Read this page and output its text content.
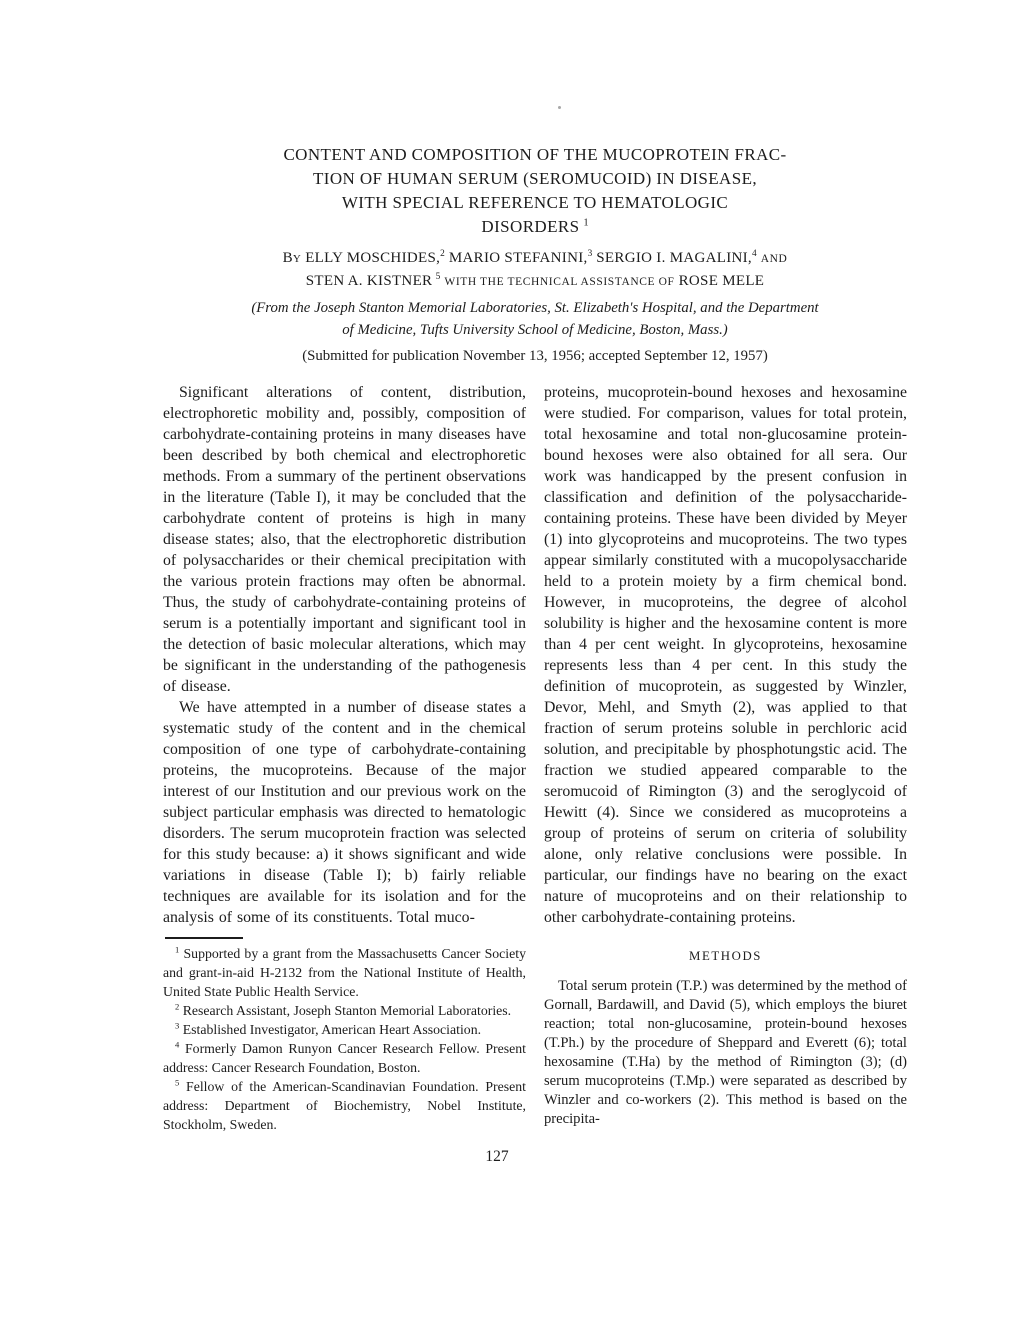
CONTENT AND COMPOSITION OF THE MUCOPROTEIN FRAC-
TION OF HUMAN SERUM (SEROMUCOID) IN DISEASE,
WITH SPECIAL REFERENCE TO HEMATOLOGIC
DISORDERS  $^1$
By ELLY MOSCHIDES,$^2$ MARIO STEFANINI,$^3$ SERGIO I. MAGALINI,$^4$ AND
STEN A. KISTNER  $^5$ WITH THE TECHNICAL ASSISTANCE OF ROSE MELE
(From the Joseph Stanton Memorial Laboratories, St. Elizabeth's Hospital, and the Department
of Medicine, Tufts University School of Medicine, Boston, Mass.)
(Submitted for publication November 13, 1956; accepted September 12, 1957)

Significant alterations of content, distribution, electrophoretic mobility and, possibly, composition of carbohydrate-containing proteins in many diseases have been described by both chemical and electrophoretic methods. From a summary of the pertinent observations in the literature (Table I), it may be concluded that the carbohydrate content of proteins is high in many disease states; also, that the electrophoretic distribution of polysaccharides or their chemical precipitation with the various protein fractions may often be abnormal. Thus, the study of carbohydrate-containing proteins of serum is a potentially important and significant tool in the detection of basic molecular alterations, which may be significant in the understanding of the pathogenesis of disease.

We have attempted in a number of disease states a systematic study of the content and in the chemical composition of one type of carbohydrate-containing proteins, the mucoproteins. Because of the major interest of our Institution and our previous work on the subject particular emphasis was directed to hematologic disorders. The serum mucoprotein fraction was selected for this study because: a) it shows significant and wide variations in disease (Table I); b) fairly reliable techniques are available for its isolation and for the analysis of some of its constituents. Total muco-

$^1$ Supported by a grant from the Massachusetts Cancer Society and grant-in-aid H-2132 from the National Institute of Health, United State Public Health Service.

$^2$ Research Assistant, Joseph Stanton Memorial Laboratories.

$^3$ Established Investigator, American Heart Association.

$^4$ Formerly Damon Runyon Cancer Research Fellow. Present address: Cancer Research Foundation, Boston.

$^5$ Fellow of the American-Scandinavian Foundation. Present address: Department of Biochemistry, Nobel Institute, Stockholm, Sweden.

proteins, mucoprotein-bound hexoses and hexosamine were studied. For comparison, values for total protein, total hexosamine and total non-glucosamine protein-bound hexoses were also obtained for all sera. Our work was handicapped by the present confusion in classification and definition of the polysaccharide-containing proteins. These have been divided by Meyer (1) into glycoproteins and mucoproteins. The two types appear similarly constituted with a mucopolysaccharide held to a protein moiety by a firm chemical bond. However, in mucoproteins, the degree of alcohol solubility is higher and the hexosamine content is more than 4 per cent weight. In glycoproteins, hexosamine represents less than 4 per cent. In this study the definition of mucoprotein, as suggested by Winzler, Devor, Mehl, and Smyth (2), was applied to that fraction of serum proteins soluble in perchloric acid solution, and precipitable by phosphotungstic acid. The fraction we studied appeared comparable to the seromucoid of Rimington (3) and the seroglycoid of Hewitt (4). Since we considered as mucoproteins a group of proteins of serum on criteria of solubility alone, only relative conclusions were possible. In particular, our findings have no bearing on the exact nature of mucoproteins and on their relationship to other carbohydrate-containing proteins.

METHODS

Total serum protein (T.P.) was determined by the method of Gornall, Bardawill, and David (5), which employs the biuret reaction; total non-glucosamine, protein-bound hexoses (T.Ph.) by the procedure of Sheppard and Everett (6); total hexosamine (T.Ha) by the method of Rimington (3); (d) serum mucoproteins (T.Mp.) were separated as described by Winzler and co-workers (2). This method is based on the precipita-

127
